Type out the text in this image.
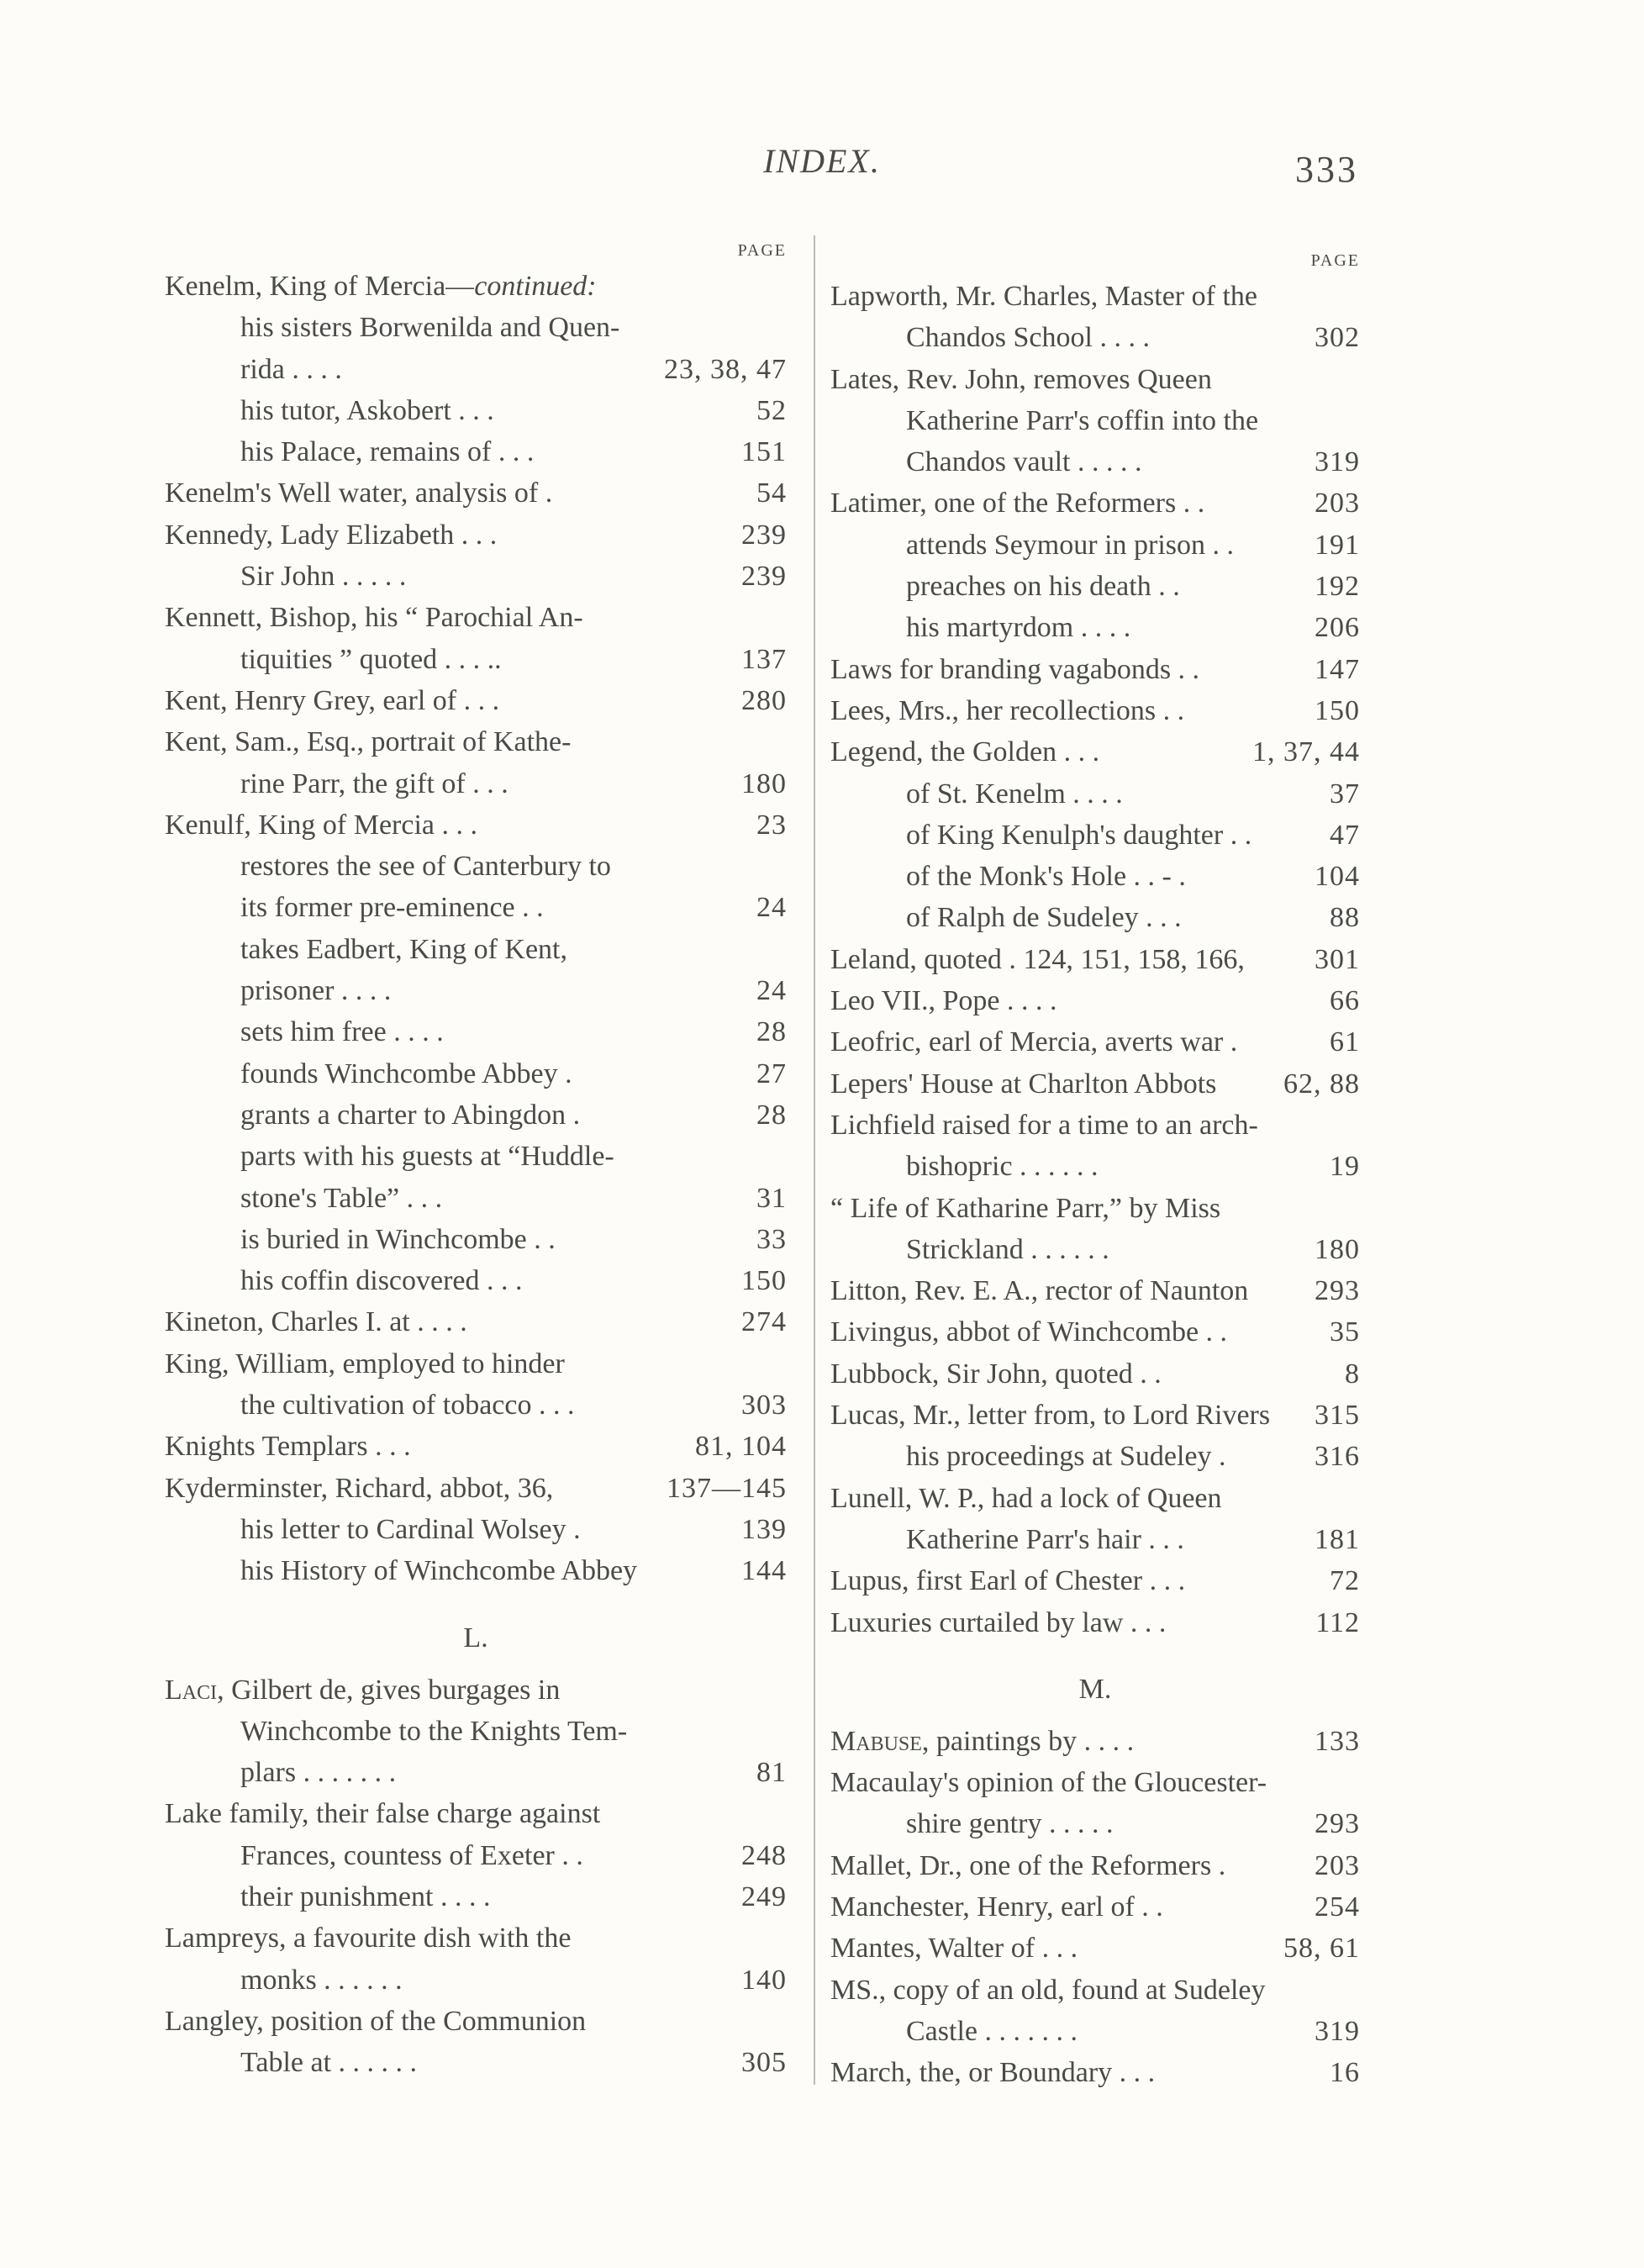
INDEX.	333
PAGE
Kenelm, King of Mercia— continued:
his sisters Borwenilda and Quen-
rida . . . .	23, 38, 47
his tutor, Askobert . . .	52
his Palace, remains of . . .	151
Kenelm's Well water, analysis of .	54
Kennedy, Lady Elizabeth . . .	239
Sir John . . . . .	239
Kennett, Bishop, his “ Parochial An-
tiquities ” quoted . . . ..	137
Kent, Henry Grey, earl of . . .	280
Kent, Sam., Esq., portrait of Kathe-
rine Parr, the gift of . . .	180
Kenulf, King of Mercia . . .	23
restores the see of Canterbury to
its former pre-eminence . .	24
takes Eadbert, King of Kent,
prisoner . . . .	24
sets him free . . . .	28
founds Winchcombe Abbey .	27
grants a charter to Abingdon .	28
parts with his guests at “Huddle-
stone's Table” . . .	31
is buried in Winchcombe . .	33
his coffin discovered . . .	150
Kineton, Charles I. at . . . .	274
King, William, employed to hinder
the cultivation of tobacco . . .	303
Knights Templars . . .	81, 104
Kyderminster, Richard, abbot, 36,	137—145
his letter to Cardinal Wolsey .	139
his History of Winchcombe Abbey	144
L.
Laci, Gilbert de, gives burgages in
Winchcombe to the Knights Tem-
plars . . . . . . .	81
Lake family, their false charge against
Frances, countess of Exeter . .	248
their punishment . . . .	249
Lampreys, a favourite dish with the
monks . . . . . .	140
Langley, position of the Communion
Table at . . . . . .	305
PAGE
Lapworth, Mr. Charles, Master of the
Chandos School . . . .	302
Lates, Rev. John, removes Queen
Katherine Parr's coffin into the
Chandos vault . . . . .	319
Latimer, one of the Reformers . .	203
attends Seymour in prison . .	191
preaches on his death . .	192
his martyrdom . . . .	206
Laws for branding vagabonds . .	147
Lees, Mrs., her recollections . .	150
Legend, the Golden . . .	1, 37, 44
of St. Kenelm . . . .	37
of King Kenulph's daughter . .	47
of the Monk's Hole . . - .	104
of Ralph de Sudeley . . .	88
Leland, quoted . 124, 151, 158, 166,	301
Leo VII., Pope . . . .	66
Leofric, earl of Mercia, averts war .	61
Lepers' House at Charlton Abbots	62, 88
Lichfield raised for a time to an arch-
bishopric . . . . . .	19
“ Life of Katharine Parr,” by Miss
Strickland . . . . . .	180
Litton, Rev. E. A., rector of Naunton	293
Livingus, abbot of Winchcombe . .	35
Lubbock, Sir John, quoted . .	8
Lucas, Mr., letter from, to Lord Rivers	315
his proceedings at Sudeley .	316
Lunell, W. P., had a lock of Queen
Katherine Parr's hair . . .	181
Lupus, first Earl of Chester . . .	72
Luxuries curtailed by law . . .	112
M.
Mabuse, paintings by . . . .	133
Macaulay's opinion of the Gloucester-
shire gentry . . . . .	293
Mallet, Dr., one of the Reformers .	203
Manchester, Henry, earl of . .	254
Mantes, Walter of . . .	58, 61
MS., copy of an old, found at Sudeley
Castle . . . . . . .	319
March, the, or Boundary . . .	16
